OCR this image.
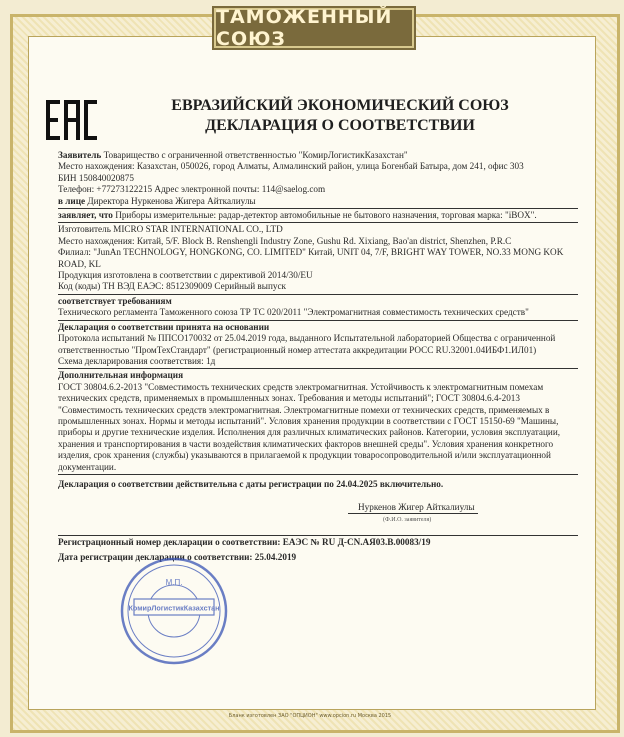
ТАМОЖЕННЫЙ СОЮЗ
ЕВРАЗИЙСКИЙ ЭКОНОМИЧЕСКИЙ СОЮЗ
ДЕКЛАРАЦИЯ О СООТВЕТСТВИИ

Заявитель Товарищество с ограниченной ответственностью "КомирЛогистикКазахстан"

Место нахождения: Казахстан, 050026, город Алматы, Алмалинский район, улица Богенбай Батыра, дом 241, офис 303

БИН 150840020875

Телефон: +77273122215 Адрес электронной почты: 114@saelog.com

в лице Директора Нуркенова Жигера Айткалиулы

заявляет, что Приборы измерительные: радар-детектор автомобильные не бытового назначения, торговая марка: "iBOX".

Изготовитель MICRO STAR INTERNATIONAL CO., LTD

Место нахождения: Китай, 5/F. Block B. Renshengli Industry Zone, Gushu Rd. Xixiang, Bao'an district, Shenzhen, P.R.C

Филиал: "JunAn TECHNOLOGY, HONGKONG, CO. LIMITED" Китай, UNIT 04, 7/F, BRIGHT WAY TOWER, NO.33 MONG KOK ROAD, KL

Продукция изготовлена в соответствии с директивой 2014/30/EU

Код (коды) ТН ВЭД ЕАЭС: 8512309009 Серийный выпуск

соответствует требованиям

Технического регламента Таможенного союза ТР ТС 020/2011 "Электромагнитная совместимость технических средств"

Декларация о соответствии принята на основании

Протокола испытаний № ППСО170032 от 25.04.2019 года, выданного Испытательной лабораторией Общества с ограниченной ответственностью "ПромТехСтандарт" (регистрационный номер аттестата аккредитации РОСС RU.32001.04ИБФ1.ИЛ01)

Схема декларирования соответствия: 1д

Дополнительная информация

ГОСТ 30804.6.2-2013 "Совместимость технических средств электромагнитная. Устойчивость к электромагнитным помехам технических средств, применяемых в промышленных зонах. Требования и методы испытаний"; ГОСТ 30804.6.4-2013 "Совместимость технических средств электромагнитная. Электромагнитные помехи от технических средств, применяемых в промышленных зонах. Нормы и методы испытаний". Условия хранения продукции в соответствии с ГОСТ 15150-69 "Машины, приборы и другие технические изделия. Исполнения для различных климатических районов. Категории, условия эксплуатации, хранения и транспортирования в части воздействия климатических факторов внешней среды". Условия хранения конкретного изделия, срок хранения (службы) указываются в прилагаемой к продукции товаросопроводительной и/или эксплуатационной документации.

Декларация о соответствии действительна с даты регистрации по 24.04.2025 включительно.

Нуркенов Жигер Айткалиулы
(Ф.И.О. заявителя)

Регистрационный номер декларации о соответствии: ЕАЭС № RU Д-CN.АЯ03.В.00083/19

Дата регистрации декларации о соответствии: 25.04.2019

КомирЛогистикКазахстан
М.П.
Бланк изготовлен ЗАО "ОПЦИОН" www.opcion.ru Москва 2015
